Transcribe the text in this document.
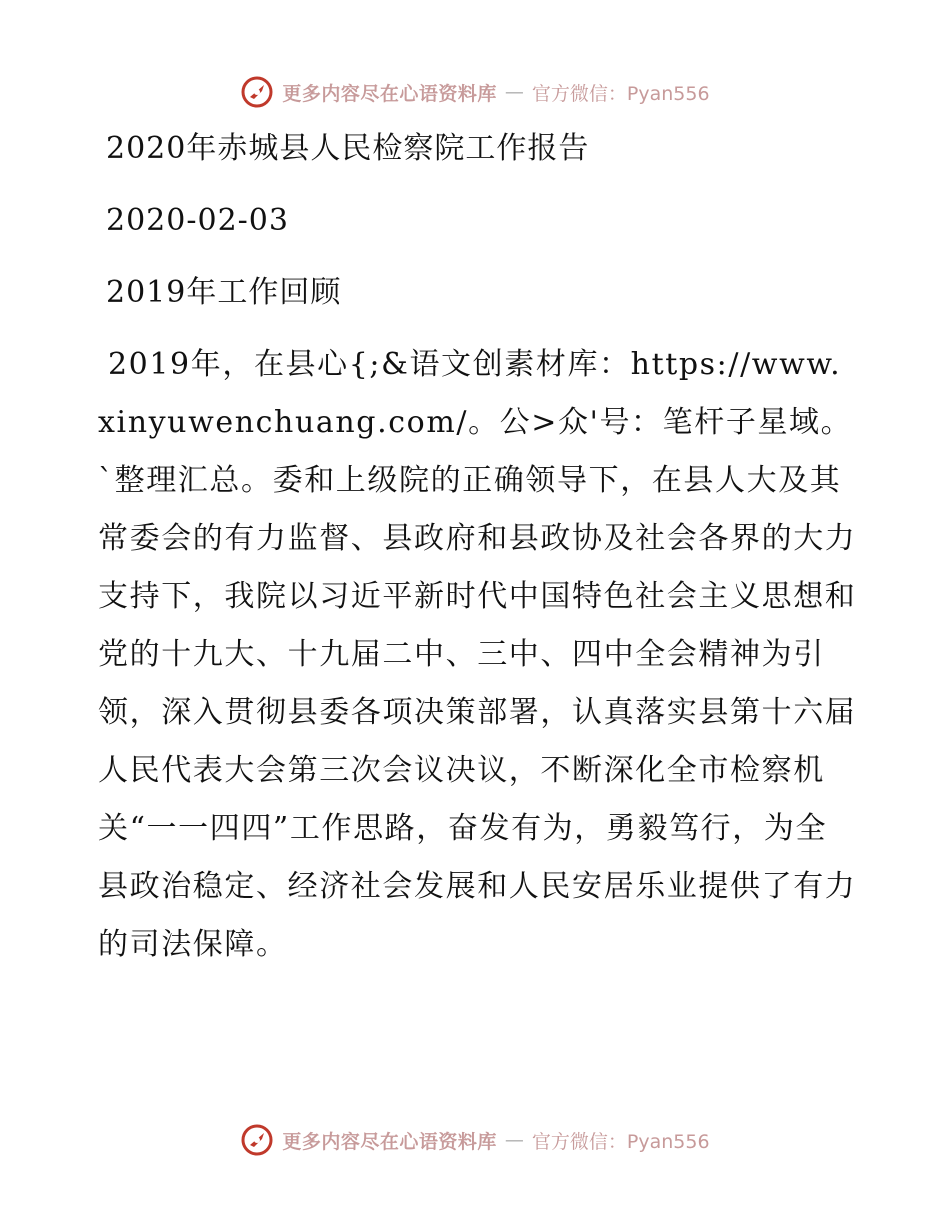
更多内容尽在心语资料库 — 官方微信：Pyan556
2020年赤城县人民检察院工作报告
2020-02-03
2019年工作回顾

2019年，在县心{;&语文创素材库：https://www.xinyuwenchuang.com/。公>众'号：笔杆子星域。`整理汇总。委和上级院的正确领导下，在县人大及其常委会的有力监督、县政府和县政协及社会各界的大力支持下，我院以习近平新时代中国特色社会主义思想和党的十九大、十九届二中、三中、四中全会精神为引领，深入贯彻县委各项决策部署，认真落实县第十六届人民代表大会第三次会议决议，不断深化全市检察机关“一一四四”工作思路，奋发有为，勇毅笃行，为全县政治稳定、经济社会发展和人民安居乐业提供了有力的司法保障。

更多内容尽在心语资料库 — 官方微信：Pyan556
